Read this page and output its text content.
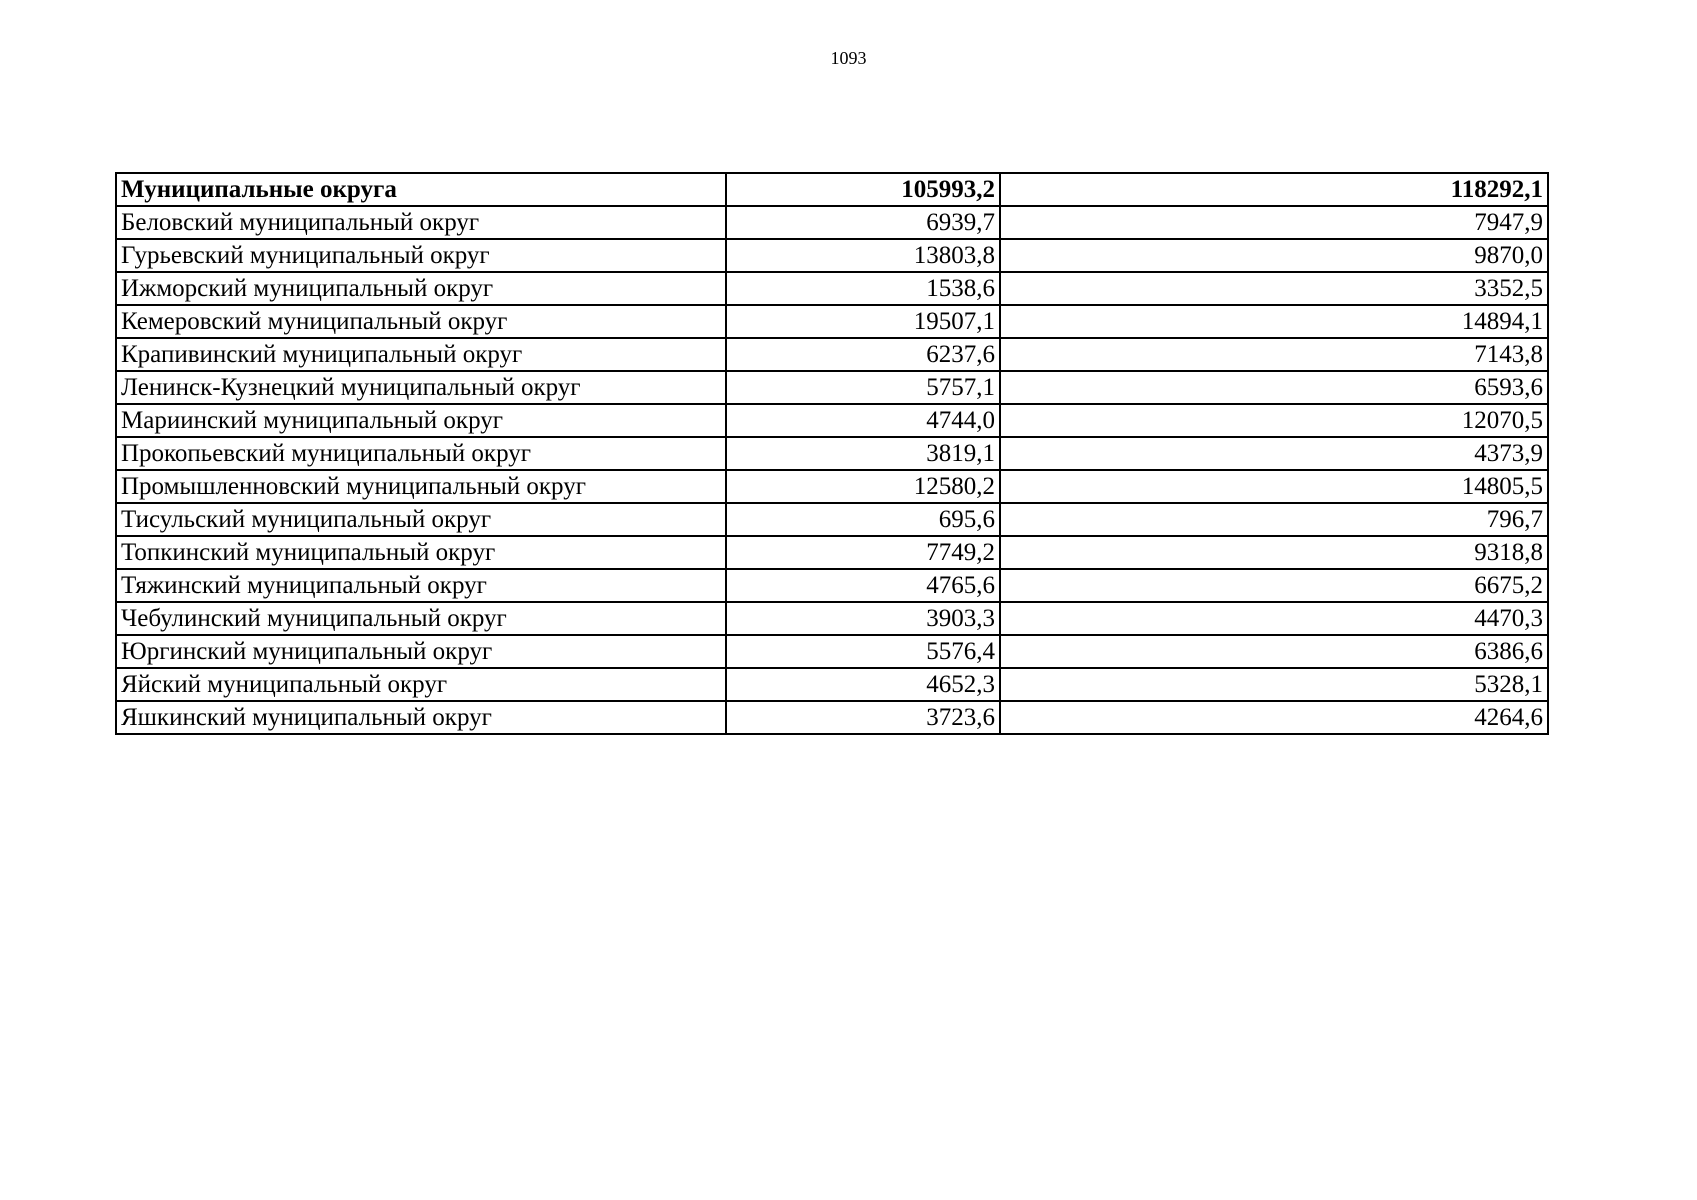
1093
Муниципальные округа	105993,2	118292,1
Беловский муниципальный округ	6939,7	7947,9
Гурьевский муниципальный округ	13803,8	9870,0
Ижморский муниципальный округ	1538,6	3352,5
Кемеровский муниципальный округ	19507,1	14894,1
Крапивинский муниципальный округ	6237,6	7143,8
Ленинск-Кузнецкий муниципальный округ	5757,1	6593,6
Мариинский муниципальный округ	4744,0	12070,5
Прокопьевский муниципальный округ	3819,1	4373,9
Промышленновский муниципальный округ	12580,2	14805,5
Тисульский муниципальный округ	695,6	796,7
Топкинский муниципальный округ	7749,2	9318,8
Тяжинский муниципальный округ	4765,6	6675,2
Чебулинский муниципальный округ	3903,3	4470,3
Юргинский муниципальный округ	5576,4	6386,6
Яйский муниципальный округ	4652,3	5328,1
Яшкинский муниципальный округ	3723,6	4264,6
